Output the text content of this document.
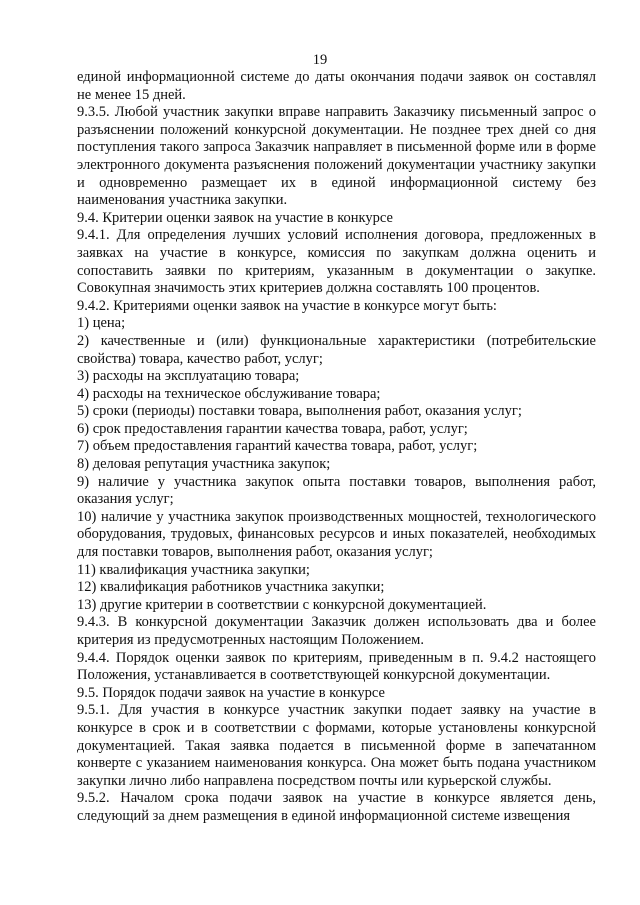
19

единой информационной системе до даты окончания подачи заявок он составлял не менее 15 дней.

9.3.5. Любой участник закупки вправе направить Заказчику письменный запрос о разъяснении положений конкурсной документации. Не позднее трех дней со дня поступления такого запроса Заказчик направляет в письменной форме или в форме электронного документа разъяснения положений документации участнику закупки и одновременно размещает их в единой информационной систему без наименования участника закупки.

9.4. Критерии оценки заявок на участие в конкурсе

9.4.1. Для определения лучших условий исполнения договора, предложенных в заявках на участие в конкурсе, комиссия по закупкам должна оценить и сопоставить заявки по критериям, указанным в документации о закупке. Совокупная значимость этих критериев должна составлять 100 процентов.

9.4.2. Критериями оценки заявок на участие в конкурсе могут быть:

1) цена;

2) качественные и (или) функциональные характеристики (потребительские свойства) товара, качество работ, услуг;

3) расходы на эксплуатацию товара;

4) расходы на техническое обслуживание товара;

5) сроки (периоды) поставки товара, выполнения работ, оказания услуг;

6) срок предоставления гарантии качества товара, работ, услуг;

7) объем предоставления гарантий качества товара, работ, услуг;

8) деловая репутация участника закупок;

9) наличие у участника закупок опыта поставки товаров, выполнения работ, оказания услуг;

10) наличие у участника закупок производственных мощностей, технологического оборудования, трудовых, финансовых ресурсов и иных показателей, необходимых для поставки товаров, выполнения работ, оказания услуг;

11) квалификация участника закупки;

12) квалификация работников участника закупки;

13) другие критерии в соответствии с конкурсной документацией.

9.4.3. В конкурсной документации Заказчик должен использовать два и более критерия из предусмотренных настоящим Положением.

9.4.4. Порядок оценки заявок по критериям, приведенным в п. 9.4.2 настоящего Положения, устанавливается в соответствующей конкурсной документации.

9.5. Порядок подачи заявок на участие в конкурсе

9.5.1. Для участия в конкурсе участник закупки подает заявку на участие в конкурсе в срок и в соответствии с формами, которые установлены конкурсной документацией. Такая заявка подается в письменной форме в запечатанном конверте с указанием наименования конкурса. Она может быть подана участником закупки лично либо направлена посредством почты или курьерской службы.

9.5.2. Началом срока подачи заявок на участие в конкурсе является день, следующий за днем размещения в единой информационной системе извещения
